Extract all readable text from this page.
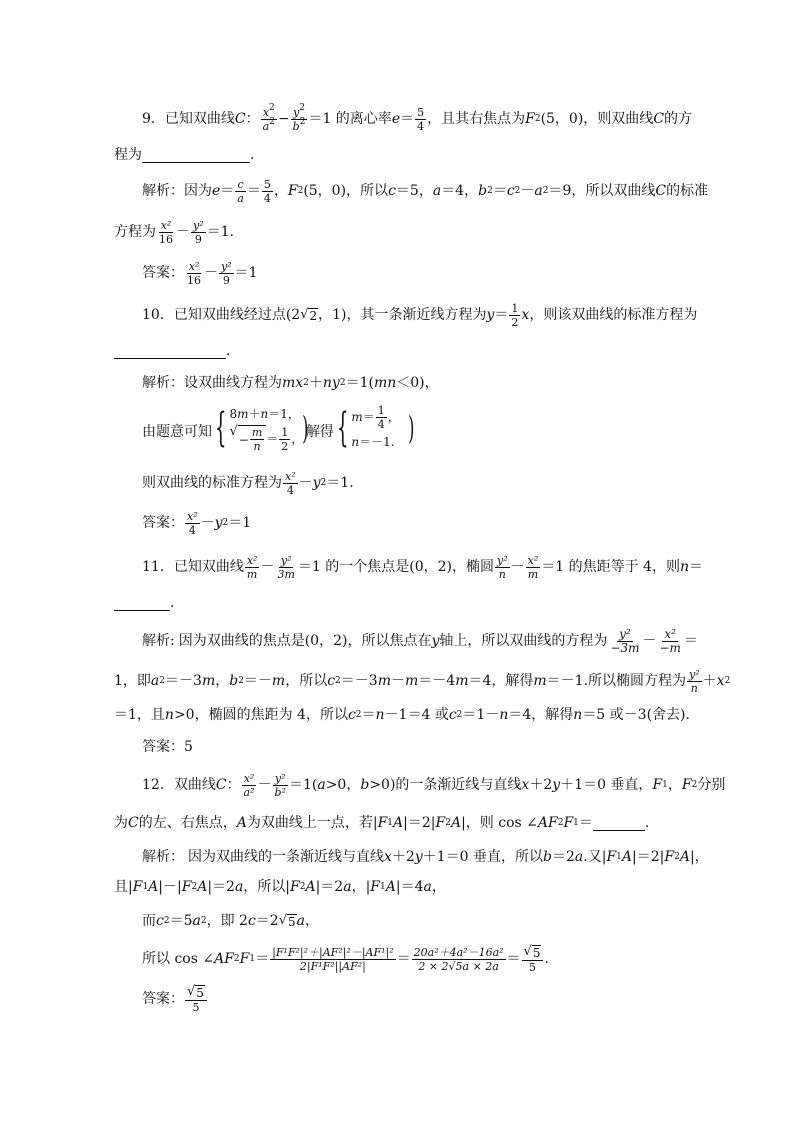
9．已知双曲线 C ： $\frac{x^2}{a^2} - \frac{y^2}{b^2} =1$ 的离心率 $e = \frac{5}{4}$ ，且其右焦点为 F 2 (5，0)，则双曲线 C 的方
程为	．
解析： 因为 $e = \frac{c}{a} = \frac{5}{4}$ ， F 2 (5，0)，所以 c ＝5， a ＝4， b 2 ＝ c 2 － a 2 ＝9，所以双曲线 C 的标准
方程为 $\frac{\text{x²}}{16} - \frac{\text{y²}}{9} =1$.
答案： $\frac{\text{x²}}{16} - \frac{\text{y²}}{9} =1$
10．已知双曲线经过点(2 √ 2 ，1)，其一条渐近线方程为 $y = \frac{1}{2}$ x ，则该双曲线的标准方程为
．
解析： 设双曲线方程为 mx 2 ＋ ny 2 ＝1( mn ＜0)，
由题意可知 { 8 m ＋ n ＝1，
√
− $\frac{m}{n} = \frac{1}{2}$ ， )
解得 { $m = \frac{1}{4}$ ，
n ＝－1. )
则双曲线的标准方程为 $\frac{\text{x²}}{4} - y$ 2 ＝1.
答案： $\frac{\text{x²}}{4} - y$ 2 ＝1
11．已知双曲线 $\frac{\text{x²}}{m} - \frac{\text{y²}}{3m} =1$ 的一个焦点是(0，2)，椭圆 $\frac{\text{y²}}{n} - \frac{\text{x²}}{m} =1$ 的焦距等于 4，则 n ＝
．
解析: 因为双曲线的焦点是(0，2)，所以焦点在 y 轴上，所以双曲线的方程为 $\frac{\text{y²}}{-3m} - \frac{\text{x²}}{-m}$ ＝
1，即 a 2 ＝－3 m ， b 2 ＝－ m ，所以 c 2 ＝－3 m － m ＝－4 m ＝4，解得 m ＝－1.所以椭圆方程为 $\frac{\text{y²}}{n} + x$ 2
＝1，且 n >0，椭圆的焦距为 4，所以 c 2 ＝ n －1＝4 或 c 2 ＝1－ n ＝4，解得 n ＝5 或－3(舍去).
答案： 5
12．双曲线 C ： $\frac{\text{x²}}{\text{a²}} - \frac{\text{y²}}{\text{b²}} =1$( a >0， b >0)的一条渐近线与直线 x ＋2 y ＋1＝0 垂直， F 1 ， F 2 分别
为 C 的左、右焦点， A 为双曲线上一点，若| F 1 A |＝2| F 2 A |，则 cos ∠ AF 2 F 1 ＝	．
解析： 因为双曲线的一条渐近线与直线 x ＋2 y ＋1＝0 垂直，所以 b ＝2 a .又| F 1 A |＝2| F 2 A |，
且| F 1 A |－| F 2 A |＝2 a ，所以| F 2 A |＝2 a ，| F 1 A |＝4 a ，
而 c 2 ＝5 a 2 ，即 2 c ＝2 √ 5 a ，
所以 cos ∠ AF 2 F $1 = \frac{\text{|F¹F²|²＋|AF²|²－|AF¹|²}}{\text{2|F¹F²||AF²|}} = \frac{\text{20a²＋4a²－16a²}}{2 \times 2√5a \times 2a} = \frac{√ 5}{5}$ .
答案： $\frac{√ 5}{5}$
